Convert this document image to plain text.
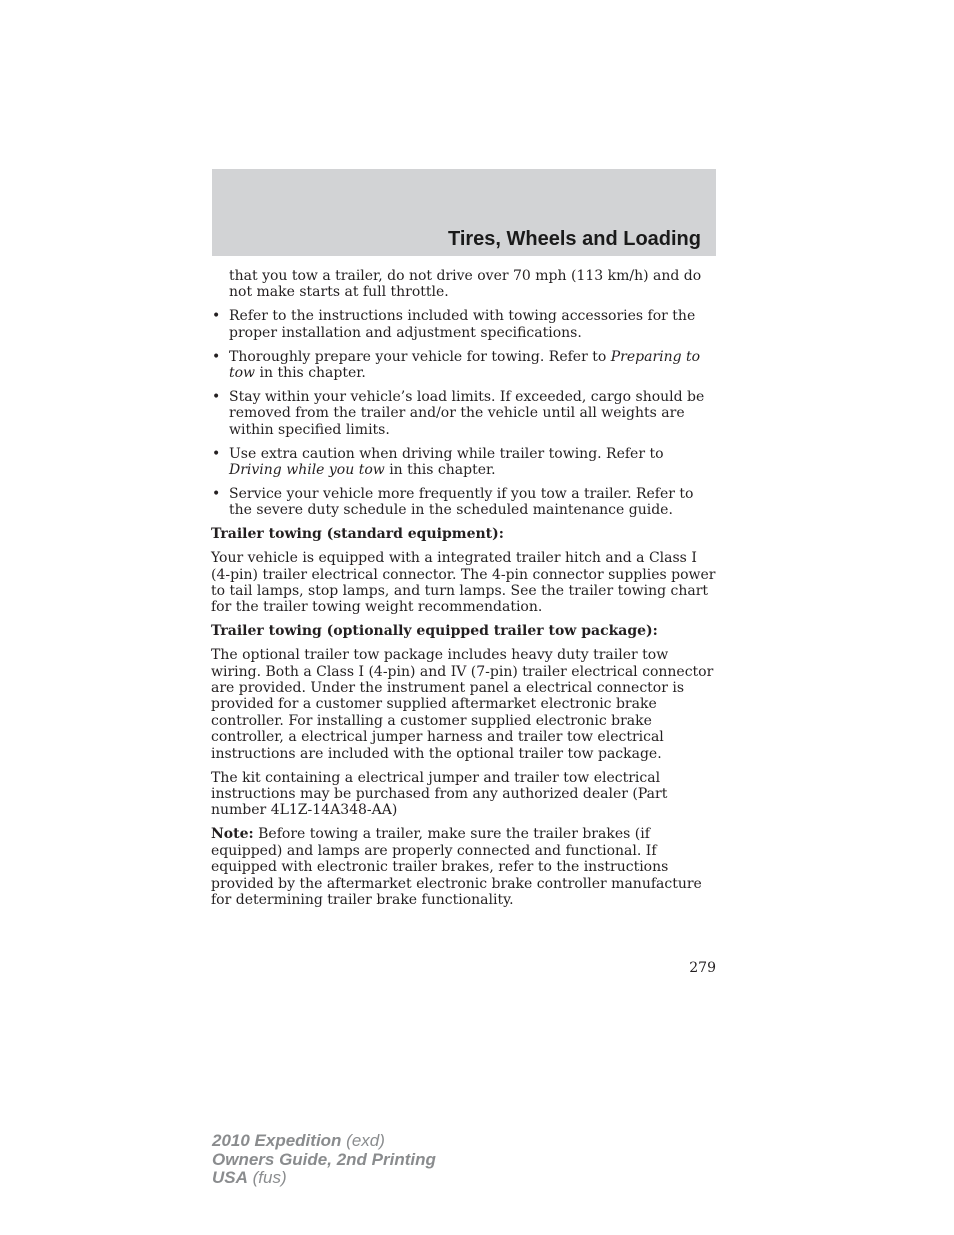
Tires, Wheels and Loading

that you tow a trailer, do not drive over 70 mph (113 km/h) and do not make starts at full throttle.

• Refer to the instructions included with towing accessories for the proper installation and adjustment specifications.
• Thoroughly prepare your vehicle for towing. Refer to Preparing to tow in this chapter.
• Stay within your vehicle’s load limits. If exceeded, cargo should be removed from the trailer and/or the vehicle until all weights are within specified limits.
• Use extra caution when driving while trailer towing. Refer to Driving while you tow in this chapter.
• Service your vehicle more frequently if you tow a trailer. Refer to the severe duty schedule in the scheduled maintenance guide.

Trailer towing (standard equipment):

Your vehicle is equipped with a integrated trailer hitch and a Class I (4-pin) trailer electrical connector. The 4-pin connector supplies power to tail lamps, stop lamps, and turn lamps. See the trailer towing chart for the trailer towing weight recommendation.

Trailer towing (optionally equipped trailer tow package):

The optional trailer tow package includes heavy duty trailer tow wiring. Both a Class I (4-pin) and IV (7-pin) trailer electrical connector are provided. Under the instrument panel a electrical connector is provided for a customer supplied aftermarket electronic brake controller. For installing a customer supplied electronic brake controller, a electrical jumper harness and trailer tow electrical instructions are included with the optional trailer tow package.

The kit containing a electrical jumper and trailer tow electrical instructions may be purchased from any authorized dealer (Part number 4L1Z-14A348-AA)

Note: Before towing a trailer, make sure the trailer brakes (if equipped) and lamps are properly connected and functional. If equipped with electronic trailer brakes, refer to the instructions provided by the aftermarket electronic brake controller manufacture for determining trailer brake functionality.

279
2010 Expedition (exd)
Owners Guide, 2nd Printing
USA (fus)
